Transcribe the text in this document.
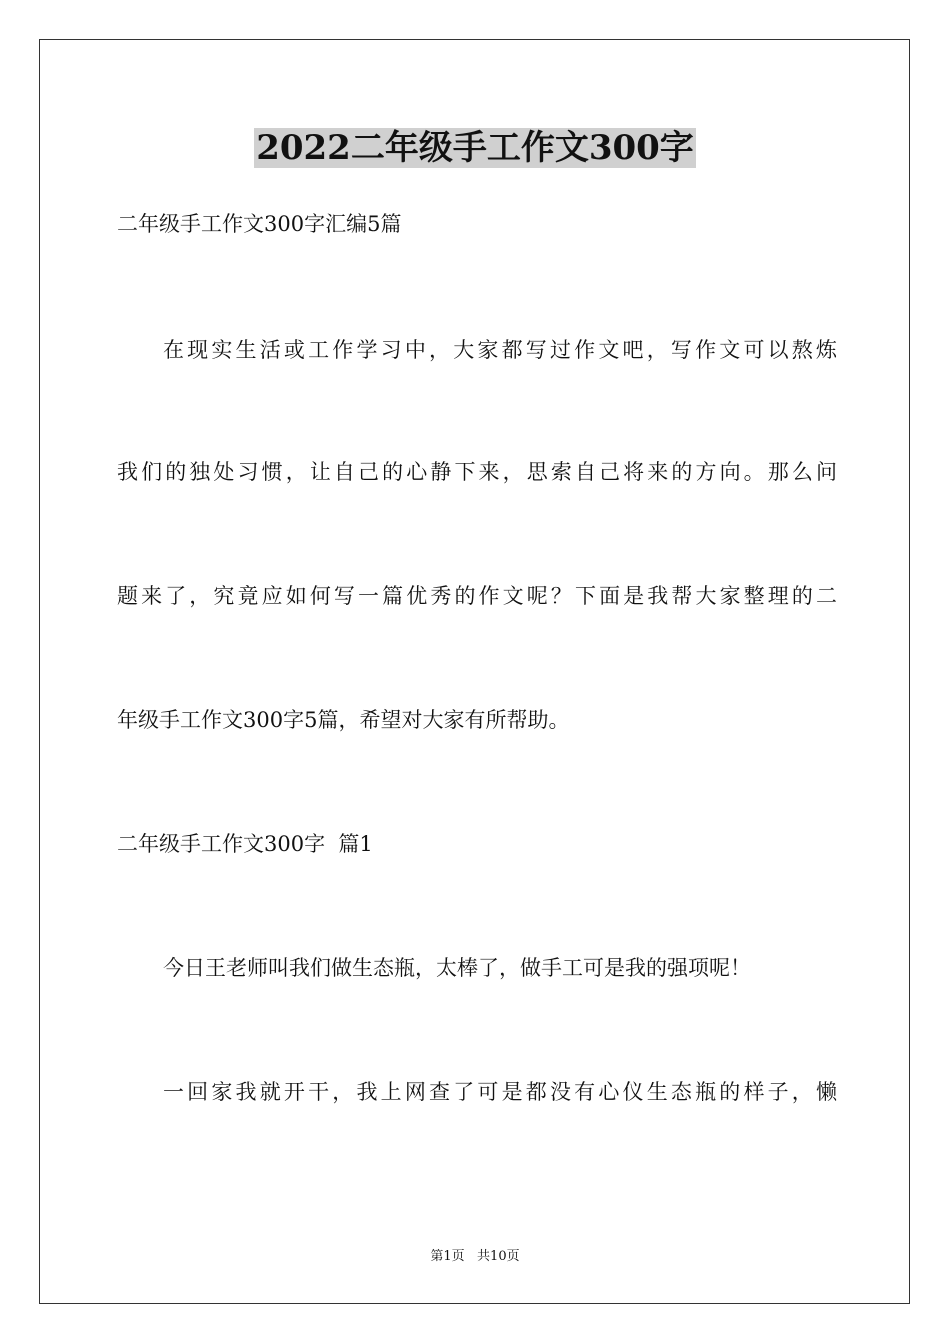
2022二年级手工作文300字
二年级手工作文300字汇编5篇
在现实生活或工作学习中，大家都写过作文吧，写作文可以熬炼
我们的独处习惯，让自己的心静下来，思索自己将来的方向。那么问
题来了，究竟应如何写一篇优秀的作文呢？下面是我帮大家整理的二
年级手工作文300字5篇，希望对大家有所帮助。
二年级手工作文300字  篇1
今日王老师叫我们做生态瓶，太棒了，做手工可是我的强项呢！
一回家我就开干，我上网查了可是都没有心仪生态瓶的样子，懒
第1页   共10页
